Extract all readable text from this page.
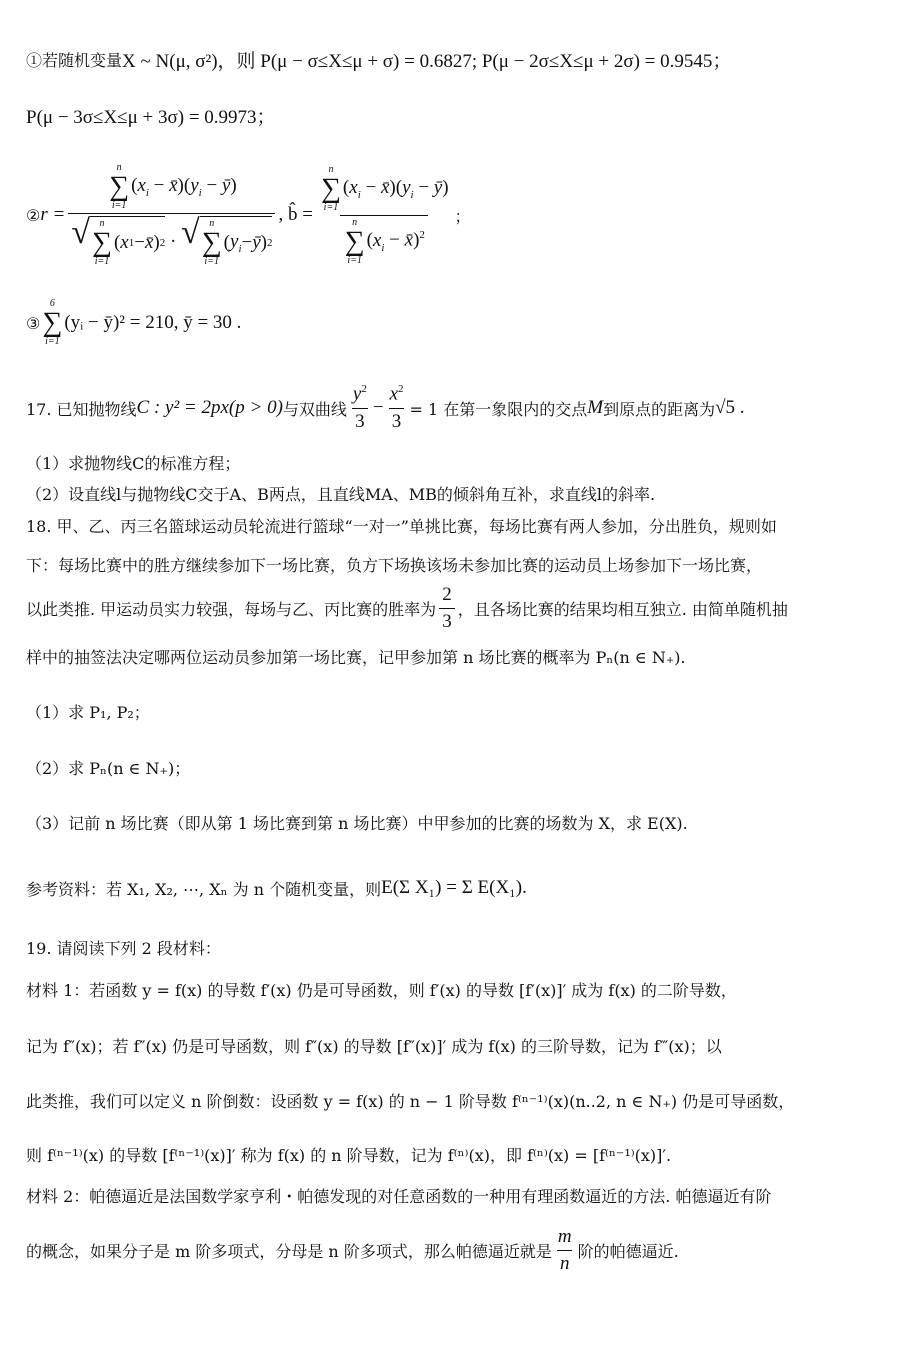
①若随机变量 X ~ N(μ, σ²)，则 P(μ − σ≤X≤μ + σ) = 0.6827; P(μ − 2σ≤X≤μ + 2σ) = 0.9545；
P(μ − 3σ≤X≤μ + 3σ) = 0.9973；
② r = n
∑
i=1
($x_i$ − $x̄)(y_i$ − ȳ)
√ n
∑
i=1
( x 1 − x̄ ) 2 · √ n
∑
i=1
( $y_i$ − ȳ ) 2 , b̂ = n
∑
i=1
($x_i$ − $x̄)(y_i$ − ȳ)
n
∑
i=1
($x_i$ − x̄)$^2$ ；
③
6
∑
i=1
(yᵢ − ȳ)² = 210, ȳ = 30 .
17. 已知抛物线 C : y² = 2px(p > 0) 与双曲线 $\frac{y^2}{3} - \frac{x^2}{3} = 1$ 在第一象限内的交点 M 到原点的距离为 √5 .
（1）求抛物线C的标准方程；
（2）设直线l与抛物线C交于A、B两点，且直线MA、MB的倾斜角互补，求直线l的斜率.
18. 甲、乙、丙三名篮球运动员轮流进行篮球“一对一”单挑比赛，每场比赛有两人参加，分出胜负，规则如
下：每场比赛中的胜方继续参加下一场比赛，负方下场换该场未参加比赛的运动员上场参加下一场比赛，
以此类推. 甲运动员实力较强，每场与乙、丙比赛的胜率为 $\frac{2}{3}$ ，且各场比赛的结果均相互独立. 由简单随机抽
样中的抽签法决定哪两位运动员参加第一场比赛，记甲参加第 n 场比赛的概率为 Pₙ(n ∈ N₊).
（1）求 P₁, P₂；
（2）求 Pₙ(n ∈ N₊)；
（3）记前 n 场比赛（即从第 1 场比赛到第 n 场比赛）中甲参加的比赛的场数为 X，求 E(X).
参考资料：若 X₁, X₂, ⋯, Xₙ 为 n 个随机变量，则 E(Σ X₁) = Σ E(X₁).
19. 请阅读下列 2 段材料：
材料 1：若函数 y = f(x) 的导数 f′(x) 仍是可导函数，则 f′(x) 的导数 [f′(x)]′ 成为 f(x) 的二阶导数，
记为 f″(x)；若 f″(x) 仍是可导函数，则 f″(x) 的导数 [f″(x)]′ 成为 f(x) 的三阶导数，记为 f‴(x)；以
此类推，我们可以定义 n 阶倒数：设函数 y = f(x) 的 n − 1 阶导数 f⁽ⁿ⁻¹⁾(x)(n..2, n ∈ N₊) 仍是可导函数，
则 f⁽ⁿ⁻¹⁾(x) 的导数 [f⁽ⁿ⁻¹⁾(x)]′ 称为 f(x) 的 n 阶导数，记为 f⁽ⁿ⁾(x)，即 f⁽ⁿ⁾(x) = [f⁽ⁿ⁻¹⁾(x)]′.
材料 2：帕德逼近是法国数学家亨利・帕德发现的对任意函数的一种用有理函数逼近的方法. 帕德逼近有阶
的概念，如果分子是 m 阶多项式，分母是 n 阶多项式，那么帕德逼近就是 $\frac{m}{n}$ 阶的帕德逼近.
